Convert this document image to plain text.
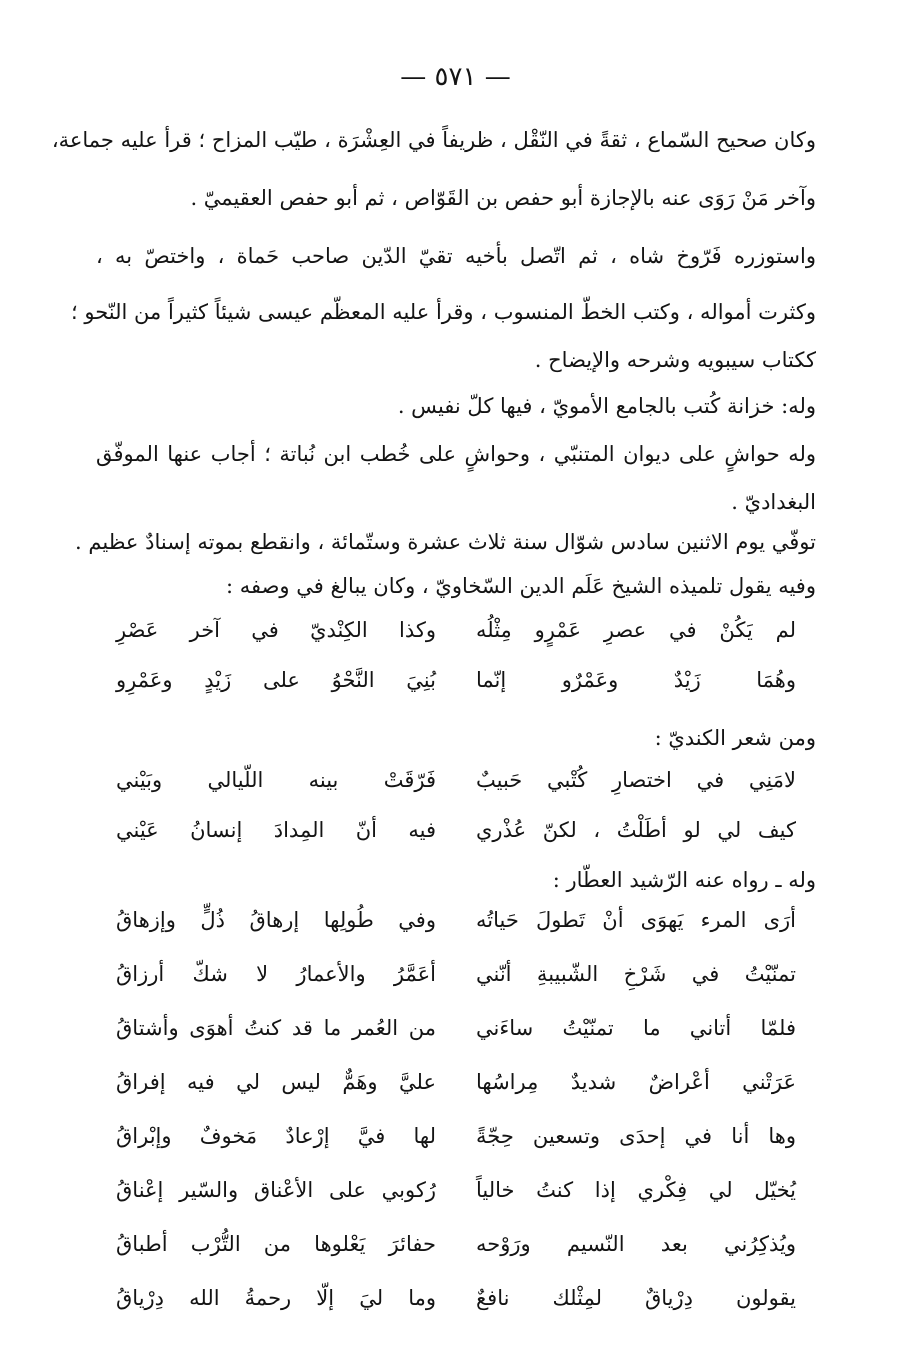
— ٥٧١ —
وكان صحيح السّماع ، ثقةً في النّقْل ، ظريفاً في العِشْرَة ، طيّب المزاح ؛ قرأ عليه جماعة،
وآخر مَنْ رَوَى عنه بالإجازة أبو حفص بن القَوّاص ، ثم أبو حفص العقيميّ .
واستوزره فَرّوخ شاه ، ثم اتّصل بأخيه تقيّ الدّين صاحب حَماة ، واختصّ به ،
وكثرت أمواله ، وكتب الخطّ المنسوب ، وقرأ عليه المعظّم عيسى شيئاً كثيراً من النّحو ؛
ككتاب سيبويه وشرحه والإيضاح .
وله: خزانة كُتب بالجامع الأمويّ ، فيها كلّ نفيس .
وله حواشٍ على ديوان المتنبّي ، وحواشٍ على خُطب ابن نُباتة ؛ أجاب عنها الموفّق
البغداديّ .
توفّي يوم الاثنين سادس شوّال سنة ثلاث عشرة وستّمائة ، وانقطع بموته إسنادٌ عظيم .
وفيه يقول تلميذه الشيخ عَلَم الدين السّخاويّ ، وكان يبالغ في وصفه :
لم يَكُنْ في عصرِ عَمْرٍو مِثْلُه
وكذا الكِنْديّ في آخر عَصْرِ
وهُمَا زَيْدٌ وعَمْرٌو إنّما
بُنِيَ النَّحْوُ على زَيْدٍ وعَمْرِو
ومن شعر الكنديّ :
لامَنِي في اختصارِ كُتْبي حَبيبٌ
فَرّقَتْ بينه اللّيالي وبَيْني
كيف لي لو أطَلْتُ ، لكنّ عُذْري
فيه أنّ المِدادَ إنسانُ عَيْني
وله ـ رواه عنه الرّشيد العطّار :
أرَى المرء يَهوَى أنْ تَطولَ حَياتُه
وفي طُولِها إرهاقُ ذُلٍّ وإزهاقُ
تمنّيْتُ في شَرْخِ الشّبيبةِ أنّني
أعَمَّرُ والأعمارُ لا شكّ أرزاقُ
فلمّا أتاني ما تمنّيْتُ ساءَني
من العُمر ما قد كنتُ أهوَى وأشتاقُ
عَرَتْني أعْراضٌ شديدٌ مِراسُها
عليَّ وهَمٌّ ليس لي فيه إفراقُ
وها أنا في إحدَى وتسعين حِجّةً
لها فيَّ إرْعادٌ مَخوفٌ وإبْراقُ
يُخيّل لي فِكْري إذا كنتُ خالياً
رُكوبي على الأعْناق والسّير إعْناقُ
ويُذكِرُني بعد النّسيم ورَوْحه
حفائرَ يَعْلوها من التُّرْب أطباقُ
يقولون دِرْياقٌ لمِثْلك نافعٌ
وما ليَ إلّا رحمةُ الله دِرْياقُ
